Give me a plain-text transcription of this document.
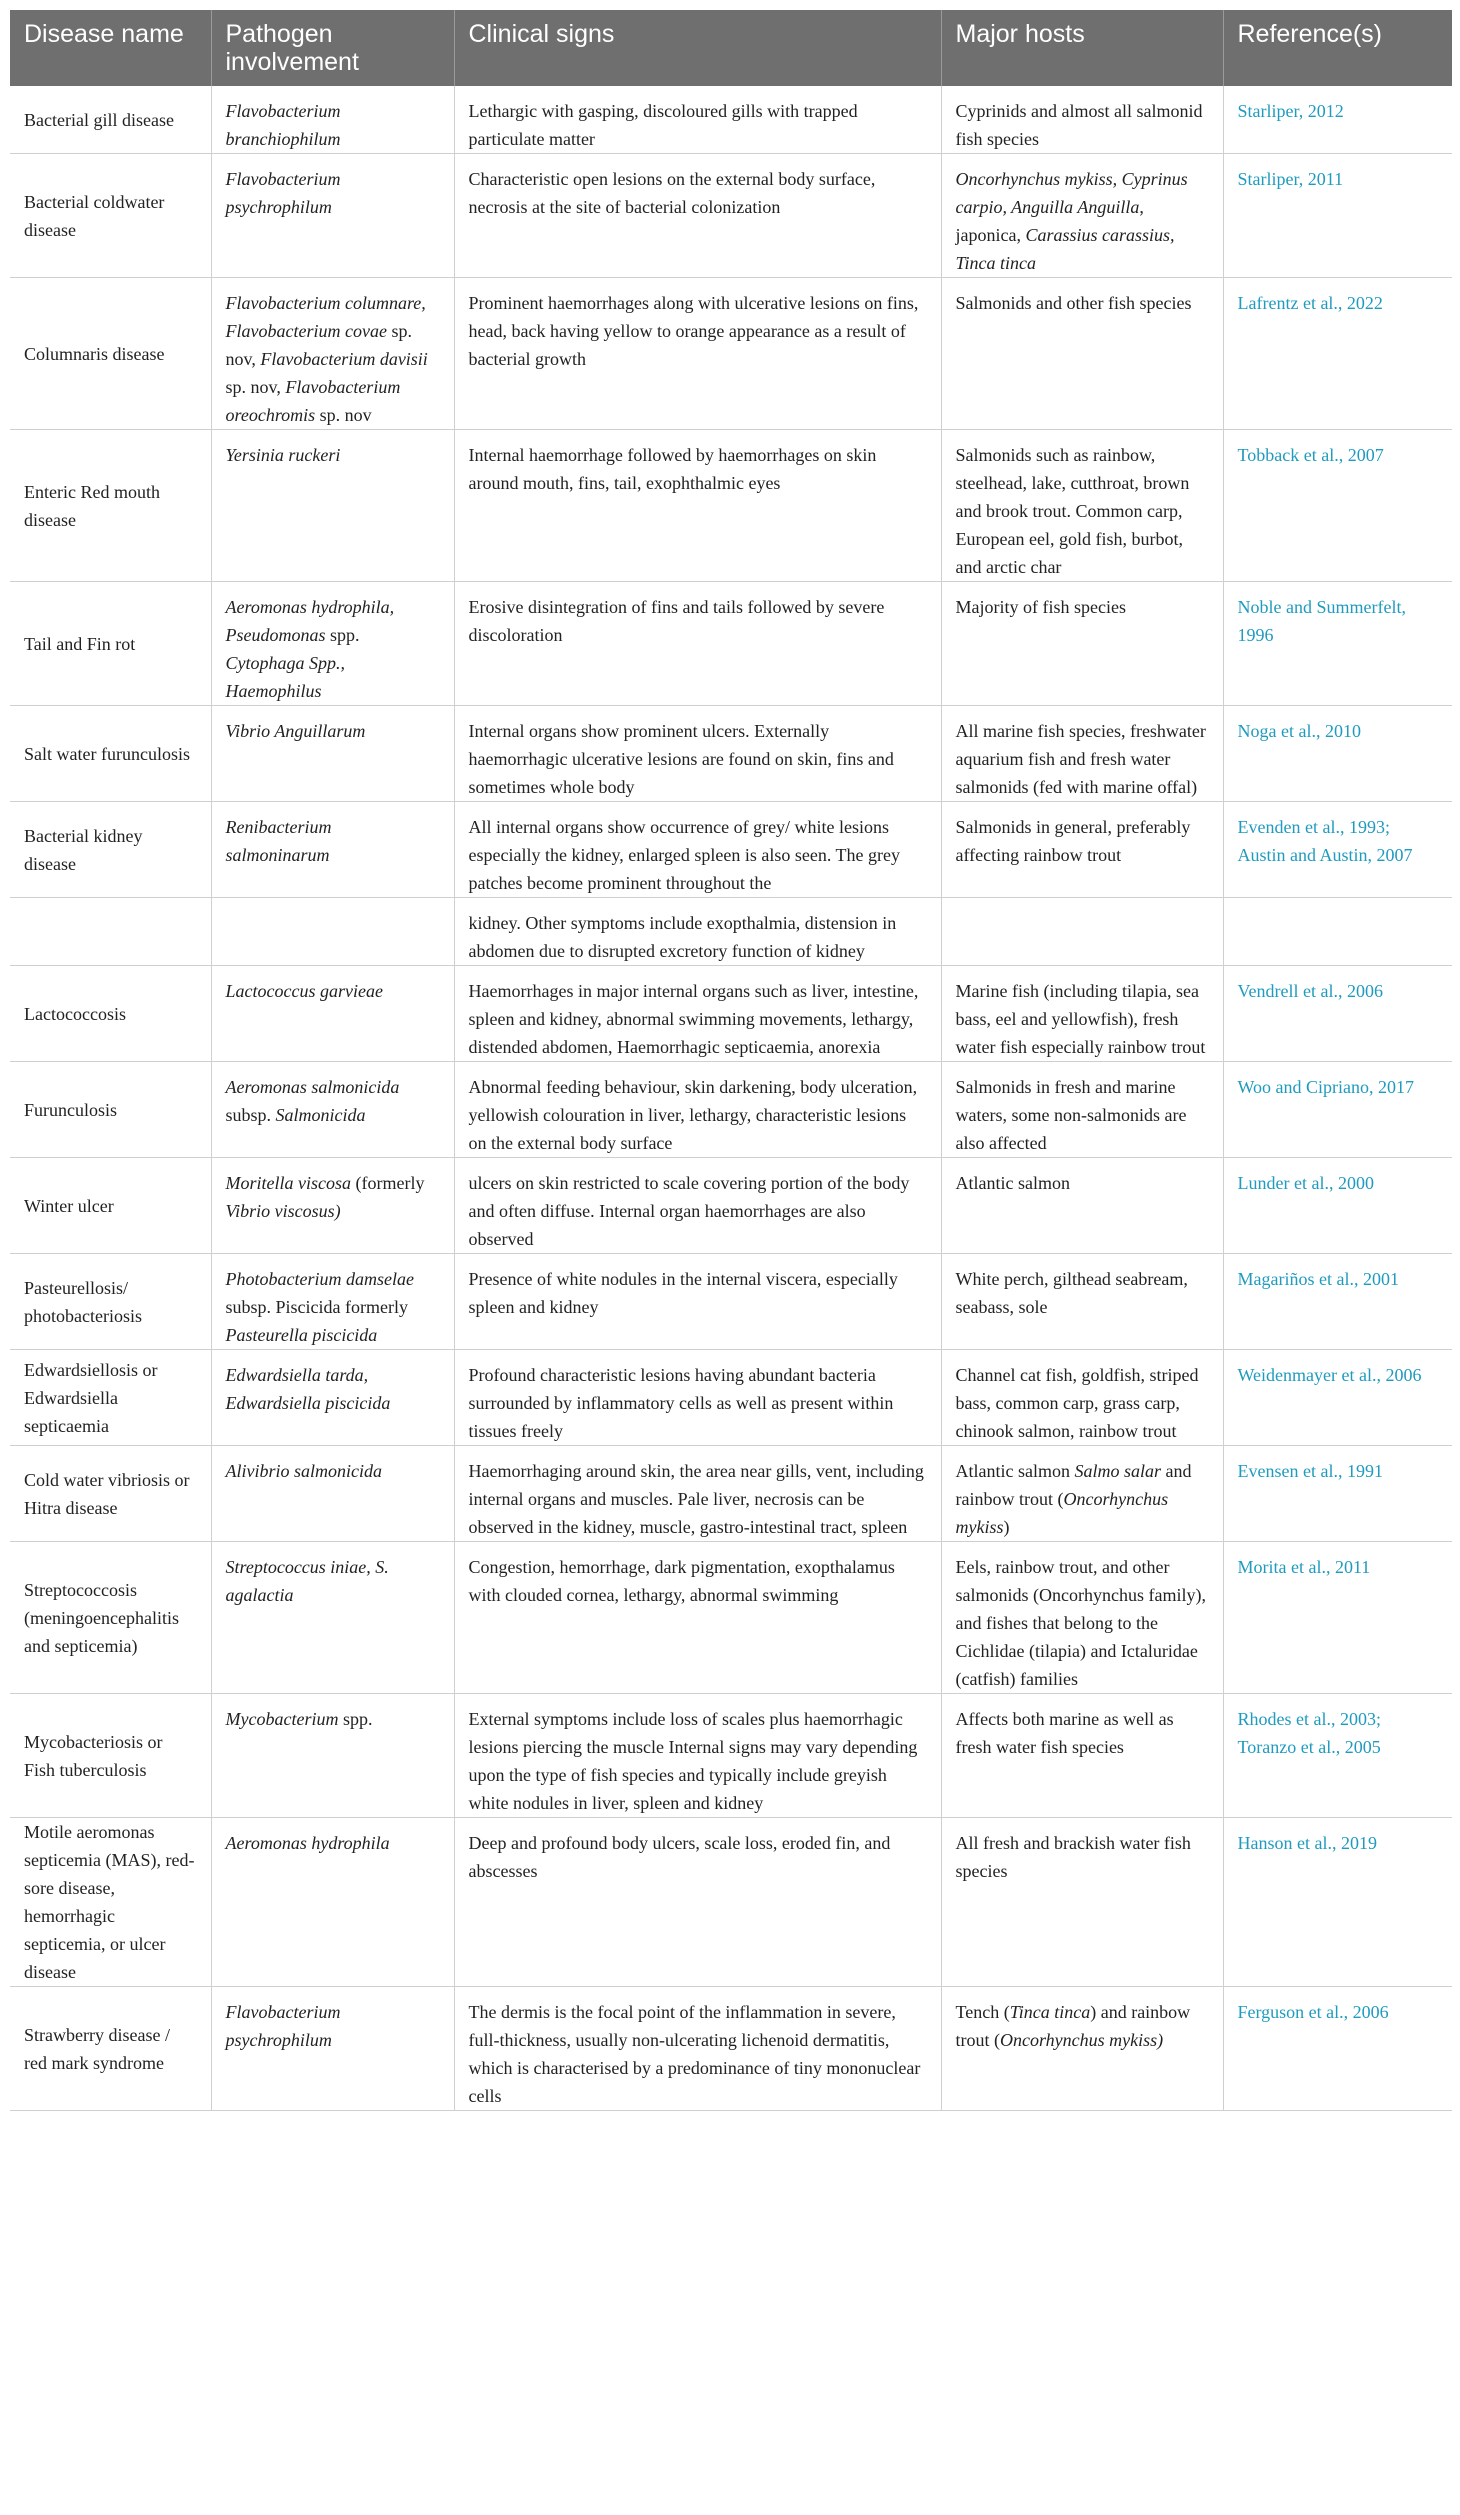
Disease name	Pathogen involvement	Clinical signs	Major hosts	Reference(s)
Bacterial gill disease	Flavobacterium branchiophilum	Lethargic with gasping, discoloured gills with trapped particulate matter	Cyprinids and almost all salmonid fish species	Starliper, 2012
Bacterial coldwater disease	Flavobacterium psychrophilum	Characteristic open lesions on the external body surface, necrosis at the site of bacterial colonization	Oncorhynchus mykiss, Cyprinus carpio, Anguilla Anguilla, japonica, Carassius carassius, Tinca tinca	Starliper, 2011
Columnaris disease	Flavobacterium columnare, Flavobacterium covae sp. nov, Flavobacterium davisii sp. nov, Flavobacterium oreochromis sp. nov	Prominent haemorrhages along with ulcerative lesions on fins, head, back having yellow to orange appearance as a result of bacterial growth	Salmonids and other fish species	Lafrentz et al., 2022
Enteric Red mouth disease	Yersinia ruckeri	Internal haemorrhage followed by haemorrhages on skin around mouth, fins, tail, exophthalmic eyes	Salmonids such as rainbow, steelhead, lake, cutthroat, brown and brook trout. Common carp, European eel, gold fish, burbot, and arctic char	Tobback et al., 2007
Tail and Fin rot	Aeromonas hydrophila, Pseudomonas spp. Cytophaga Spp., Haemophilus	Erosive disintegration of fins and tails followed by severe discoloration	Majority of fish species	Noble and Summerfelt, 1996
Salt water furunculosis	Vibrio Anguillarum	Internal organs show prominent ulcers. Externally haemorrhagic ulcerative lesions are found on skin, fins and sometimes whole body	All marine fish species, freshwater aquarium fish and fresh water salmonids (fed with marine offal)	Noga et al., 2010
Bacterial kidney disease	Renibacterium salmoninarum	All internal organs show occurrence of grey/ white lesions especially the kidney, enlarged spleen is also seen. The grey patches become prominent throughout the	Salmonids in general, preferably affecting rainbow trout	Evenden et al., 1993; Austin and Austin, 2007
		kidney. Other symptoms include exopthalmia, distension in abdomen due to disrupted excretory function of kidney		
Lactococcosis	Lactococcus garvieae	Haemorrhages in major internal organs such as liver, intestine, spleen and kidney, abnormal swimming movements, lethargy, distended abdomen, Haemorrhagic septicaemia, anorexia	Marine fish (including tilapia, sea bass, eel and yellowfish), fresh water fish especially rainbow trout	Vendrell et al., 2006
Furunculosis	Aeromonas salmonicida subsp. Salmonicida	Abnormal feeding behaviour, skin darkening, body ulceration, yellowish colouration in liver, lethargy, characteristic lesions on the external body surface	Salmonids in fresh and marine waters, some non-salmonids are also affected	Woo and Cipriano, 2017
Winter ulcer	Moritella viscosa (formerly Vibrio viscosus)	ulcers on skin restricted to scale covering portion of the body and often diffuse. Internal organ haemorrhages are also observed	Atlantic salmon	Lunder et al., 2000
Pasteurellosis/ photobacteriosis	Photobacterium damselae subsp. Piscicida formerly Pasteurella piscicida	Presence of white nodules in the internal viscera, especially spleen and kidney	White perch, gilthead seabream, seabass, sole	Magariños et al., 2001
Edwardsiellosis or Edwardsiella septicaemia	Edwardsiella tarda, Edwardsiella piscicida	Profound characteristic lesions having abundant bacteria surrounded by inflammatory cells as well as present within tissues freely	Channel cat fish, goldfish, striped bass, common carp, grass carp, chinook salmon, rainbow trout	Weidenmayer et al., 2006
Cold water vibriosis or Hitra disease	Alivibrio salmonicida	Haemorrhaging around skin, the area near gills, vent, including internal organs and muscles. Pale liver, necrosis can be observed in the kidney, muscle, gastro-intestinal tract, spleen	Atlantic salmon Salmo salar and rainbow trout (Oncorhynchus mykiss)	Evensen et al., 1991
Streptococcosis (meningoencephalitis and septicemia)	Streptococcus iniae, S. agalactia	Congestion, hemorrhage, dark pigmentation, exopthalamus with clouded cornea, lethargy, abnormal swimming	Eels, rainbow trout, and other salmonids (Oncorhynchus family), and fishes that belong to the Cichlidae (tilapia) and Ictaluridae (catfish) families	Morita et al., 2011
Mycobacteriosis or Fish tuberculosis	Mycobacterium spp.	External symptoms include loss of scales plus haemorrhagic lesions piercing the muscle Internal signs may vary depending upon the type of fish species and typically include greyish white nodules in liver, spleen and kidney	Affects both marine as well as fresh water fish species	Rhodes et al., 2003; Toranzo et al., 2005
Motile aeromonas septicemia (MAS), red-sore disease, hemorrhagic septicemia, or ulcer disease	Aeromonas hydrophila	Deep and profound body ulcers, scale loss, eroded fin, and abscesses	All fresh and brackish water fish species	Hanson et al., 2019
Strawberry disease / red mark syndrome	Flavobacterium psychrophilum	The dermis is the focal point of the inflammation in severe, full-thickness, usually non-ulcerating lichenoid dermatitis, which is characterised by a predominance of tiny mononuclear cells	Tench (Tinca tinca) and rainbow trout (Oncorhynchus mykiss)	Ferguson et al., 2006
